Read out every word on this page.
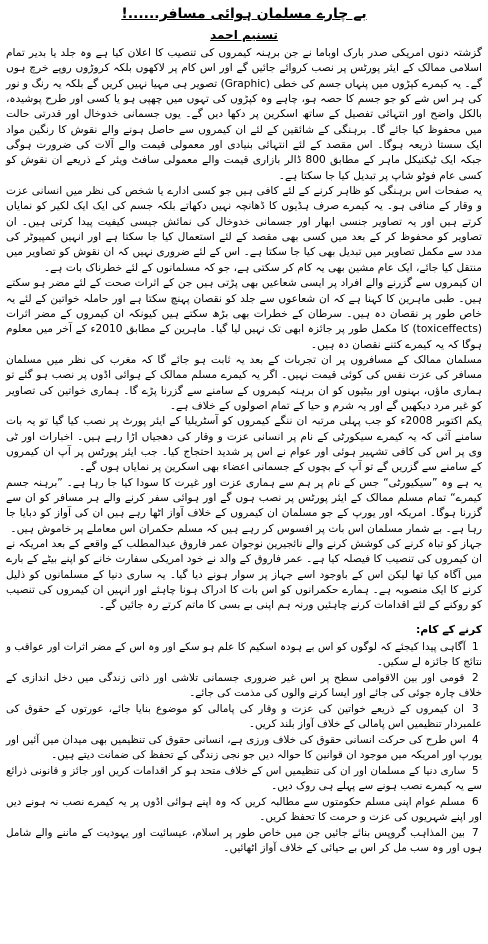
بے چارے مسلمان ہوائی مسافر......!
تسنیم احمد

گزشتہ دنوں امریکی صدر بارک اوباما نے جن برہنہ کیمروں کی تنصیب کا اعلان کیا ہے وہ جلد یا بدیر تمام اسلامی ممالک کے ایئر پورٹس پر نصب کروائے جائیں گے اور اس کام پر لاکھوں بلکہ کروڑوں روپے خرچ ہوں گے۔ یہ کیمرے کپڑوں میں پنہاں جسم کی خطی (Graphic) تصویر ہی مہیا نہیں کریں گے بلکہ یہ رنگ و نور کی ہر اس شے کو جو جسم کا حصہ ہو، چاہے وہ کپڑوں کی تہوں میں چھپی ہو یا کسی اور طرح پوشیدہ، بالکل واضح اور انتہائی تفصیل کے ساتھ اسکرین پر دکھا دیں گے۔ یوں جسمانی خدوخال اور قدرتی حالت میں محفوظ کیا جائے گا۔ برہنگی کے شائقین کے لئے ان کیمروں سے حاصل ہونے والے نقوش کا رنگین مواد ایک سستا ذریعہ ہوگا۔ اس مقصد کے لئے انتہائی بنیادی اور معمولی قیمت والے آلات کی ضرورت ہوگی جبکہ ایک ٹیکنیکل ماہر کے مطابق 800 ڈالر بازاری قیمت والے معمولی سافٹ ویئر کے ذریعے ان نقوش کو کسی عام فوٹو شاپ پر تبدیل کیا جا سکتا ہے۔

یہ صفحات اس برہنگی کو ظاہر کرنے کے لئے کافی ہیں جو کسی ادارے یا شخص کی نظر میں انسانی عزت و وقار کے منافی ہو۔ یہ کیمرے صرف ہڈیوں کا ڈھانچہ نہیں دکھاتے بلکہ جسم کی ایک ایک لکیر کو نمایاں کرتے ہیں اور یہ تصاویر جنسی ابھار اور جسمانی خدوخال کی نمائش جیسی کیفیت پیدا کرتی ہیں۔ ان تصاویر کو محفوظ کر کے بعد میں کسی بھی مقصد کے لئے استعمال کیا جا سکتا ہے اور انہیں کمپیوٹر کی مدد سے مکمل تصاویر میں تبدیل بھی کیا جا سکتا ہے۔ اس کے لئے ضروری نہیں کہ ان نقوش کو تصاویر میں منتقل کیا جائے، ایک عام مشین بھی یہ کام کر سکتی ہے، جو کہ مسلمانوں کے لئے خطرناک بات ہے۔

ان کیمروں سے گزرنے والے افراد پر ایسی شعاعیں بھی پڑتی ہیں جن کے اثرات صحت کے لئے مضر ہو سکتے ہیں۔ طبی ماہرین کا کہنا ہے کہ ان شعاعوں سے جلد کو نقصان پہنچ سکتا ہے اور حاملہ خواتین کے لئے یہ خاص طور پر نقصان دہ ہیں۔ سرطان کے خطرات بھی بڑھ سکتے ہیں کیونکہ ان کیمروں کے مضر اثرات (toxiceffects) کا مکمل طور پر جائزہ ابھی تک نہیں لیا گیا۔ ماہرین کے مطابق 2010ء کے آخر میں معلوم ہوگا کہ یہ کیمرے کتنے نقصان دہ ہیں۔

مسلمان ممالک کے مسافروں پر ان تجربات کے بعد یہ ثابت ہو جائے گا کہ مغرب کی نظر میں مسلمان مسافر کی عزت نفس کی کوئی قیمت نہیں۔ اگر یہ کیمرے مسلم ممالک کے ہوائی اڈوں پر نصب ہو گئے تو ہماری ماؤں، بہنوں اور بیٹیوں کو ان برہنہ کیمروں کے سامنے سے گزرنا پڑے گا۔ ہماری خواتین کی تصاویر کو غیر مرد دیکھیں گے اور یہ شرم و حیا کے تمام اصولوں کے خلاف ہے۔

یکم اکتوبر 2008ء کو جب پہلی مرتبہ ان ننگے کیمروں کو آسٹریلیا کے ایئر پورٹ پر نصب کیا گیا تو یہ بات سامنے آئی کہ یہ کیمرے سیکورٹی کے نام پر انسانی عزت و وقار کی دھجیاں اڑا رہے ہیں۔ اخبارات اور ٹی وی پر اس کی کافی تشہیر ہوئی اور عوام نے اس پر شدید احتجاج کیا۔ جب ایئر پورٹس پر آپ ان کیمروں کے سامنے سے گزریں گے تو آپ کے بچوں کے جسمانی اعضاء بھی اسکرین پر نمایاں ہوں گے۔

یہ ہے وہ ”سیکیورٹی“ جس کے نام پر ہم سے ہماری عزت اور غیرت کا سودا کیا جا رہا ہے۔ ”برہنہ جسم کیمرے“ تمام مسلم ممالک کے ایئر پورٹس پر نصب ہوں گے اور ہوائی سفر کرنے والے ہر مسافر کو ان سے گزرنا ہوگا۔ امریکہ اور یورپ کے جو مسلمان ان کیمروں کے خلاف آواز اٹھا رہے ہیں ان کی آواز کو دبایا جا رہا ہے۔ بے شمار مسلمان اس بات پر افسوس کر رہے ہیں کہ مسلم حکمران اس معاملے پر خاموش ہیں۔

جہاز کو تباہ کرنے کی کوشش کرنے والے نائجیرین نوجوان عمر فاروق عبدالمطلب کے واقعے کے بعد امریکہ نے ان کیمروں کی تنصیب کا فیصلہ کیا ہے۔ عمر فاروق کے والد نے خود امریکی سفارت خانے کو اپنے بیٹے کے بارے میں آگاہ کیا تھا لیکن اس کے باوجود اسے جہاز پر سوار ہونے دیا گیا۔ یہ ساری دنیا کے مسلمانوں کو ذلیل کرنے کا ایک منصوبہ ہے۔ ہمارے حکمرانوں کو اس بات کا ادراک ہونا چاہئے اور انہیں ان کیمروں کی تنصیب کو روکنے کے لئے اقدامات کرنے چاہئیں ورنہ ہم اپنی بے بسی کا ماتم کرتے رہ جائیں گے۔

کرنے کے کام:
1 آگاہی پیدا کیجئے کہ لوگوں کو اس بے ہودہ اسکیم کا علم ہو سکے اور وہ اس کے مضر اثرات اور عواقب و نتائج کا جائزہ لے سکیں۔
2 قومی اور بین الاقوامی سطح پر اس غیر ضروری جسمانی تلاشی اور ذاتی زندگی میں دخل اندازی کے خلاف چارہ جوئی کی جائے اور ایسا کرنے والوں کی مذمت کی جائے۔
3 ان کیمروں کے ذریعے خواتین کی عزت و وقار کی پامالی کو موضوع بنایا جائے، عورتوں کے حقوق کی علمبردار تنظیمیں اس پامالی کے خلاف آواز بلند کریں۔
4 اس طرح کی حرکت انسانی حقوق کی خلاف ورزی ہے، انسانی حقوق کی تنظیمیں بھی میدان میں آئیں اور یورپ اور امریکہ میں موجود ان قوانین کا حوالہ دیں جو نجی زندگی کے تحفظ کی ضمانت دیتے ہیں۔
5 ساری دنیا کے مسلمان اور ان کی تنظیمیں اس کے خلاف متحد ہو کر اقدامات کریں اور جائز و قانونی ذرائع سے یہ کیمرے نصب ہونے سے پہلے ہی روک دیں۔
6 مسلم عوام اپنی مسلم حکومتوں سے مطالبہ کریں کہ وہ اپنے ہوائی اڈوں پر یہ کیمرے نصب نہ ہونے دیں اور اپنے شہریوں کی عزت و حرمت کا تحفظ کریں۔
7 بین المذاہب گروپس بنائے جائیں جن میں خاص طور پر اسلام، عیسائیت اور یہودیت کے ماننے والے شامل ہوں اور وہ سب مل کر اس بے حیائی کے خلاف آواز اٹھائیں۔
